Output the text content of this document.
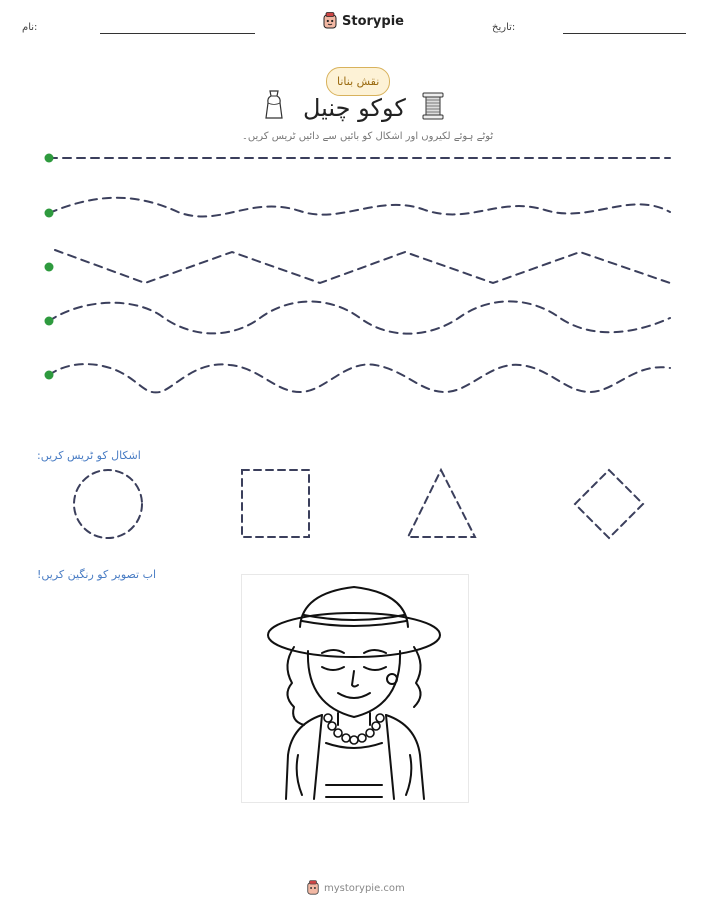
نام:	Storypie	تاریخ:
نقش بنانا
کوکو چنیل
ٹوٹے ہوئے لکیروں اور اشکال کو بائیں سے دائیں ٹریس کریں۔
اشکال کو ٹریس کریں:
اب تصویر کو رنگین کریں!
mystorypie.com
